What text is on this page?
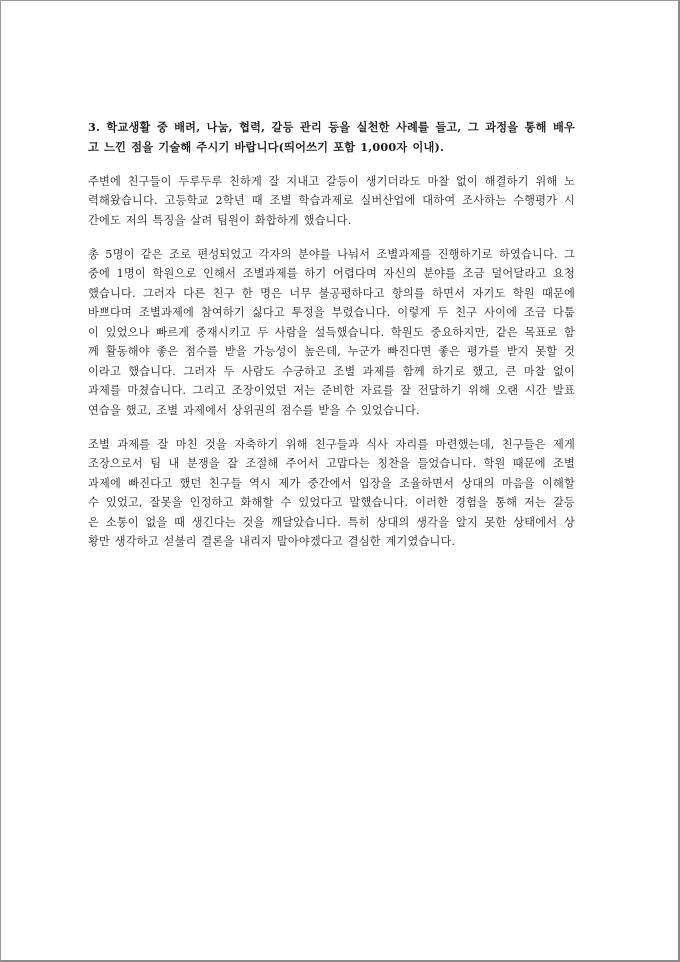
3. 학교생활 중 배려, 나눔, 협력, 갈등 관리 등을 실천한 사례를 들고, 그 과정을 통해 배우
고 느낀 점을 기술해 주시기 바랍니다(띄어쓰기 포함 1,000자 이내).
주변에 친구들이 두루두루 친하게 잘 지내고 갈등이 생기더라도 마찰 없이 해결하기 위해 노
력해왔습니다. 고등학교 2학년 때 조별 학습과제로 실버산업에 대하여 조사하는 수행평가 시
간에도 저의 특징을 살려 팀원이 화합하게 했습니다.
총 5명이 같은 조로 편성되었고 각자의 분야를 나눠서 조별과제를 진행하기로 하였습니다. 그
중에 1명이 학원으로 인해서 조별과제를 하기 어렵다며 자신의 분야를 조금 덜어달라고 요청
했습니다. 그러자 다른 친구 한 명은 너무 불공평하다고 항의를 하면서 자기도 학원 때문에
바쁘다며 조별과제에 참여하기 싫다고 투정을 부렸습니다. 이렇게 두 친구 사이에 조금 다툼
이 있었으나 빠르게 중재시키고 두 사람을 설득했습니다. 학원도 중요하지만, 같은 목표로 함
께 활동해야 좋은 점수를 받을 가능성이 높은데, 누군가 빠진다면 좋은 평가를 받지 못할 것
이라고 했습니다. 그러자 두 사람도 수긍하고 조별 과제를 함께 하기로 했고, 큰 마찰 없이
과제를 마쳤습니다. 그리고 조장이었던 저는 준비한 자료를 잘 전달하기 위해 오랜 시간 발표
연습을 했고, 조별 과제에서 상위권의 점수를 받을 수 있었습니다.
조별 과제를 잘 마친 것을 자축하기 위해 친구들과 식사 자리를 마련했는데, 친구들은 제게
조장으로서 팀 내 분쟁을 잘 조절해 주어서 고맙다는 칭찬을 들었습니다. 학원 때문에 조별
과제에 빠진다고 했던 친구들 역시 제가 중간에서 입장을 조율하면서 상대의 마음을 이해할
수 있었고, 잘못을 인정하고 화해할 수 있었다고 말했습니다. 이러한 경험을 통해 저는 갈등
은 소통이 없을 때 생긴다는 것을 깨달았습니다. 특히 상대의 생각을 알지 못한 상태에서 상
황만 생각하고 섣불리 결론을 내리지 말아야겠다고 결심한 계기였습니다.
